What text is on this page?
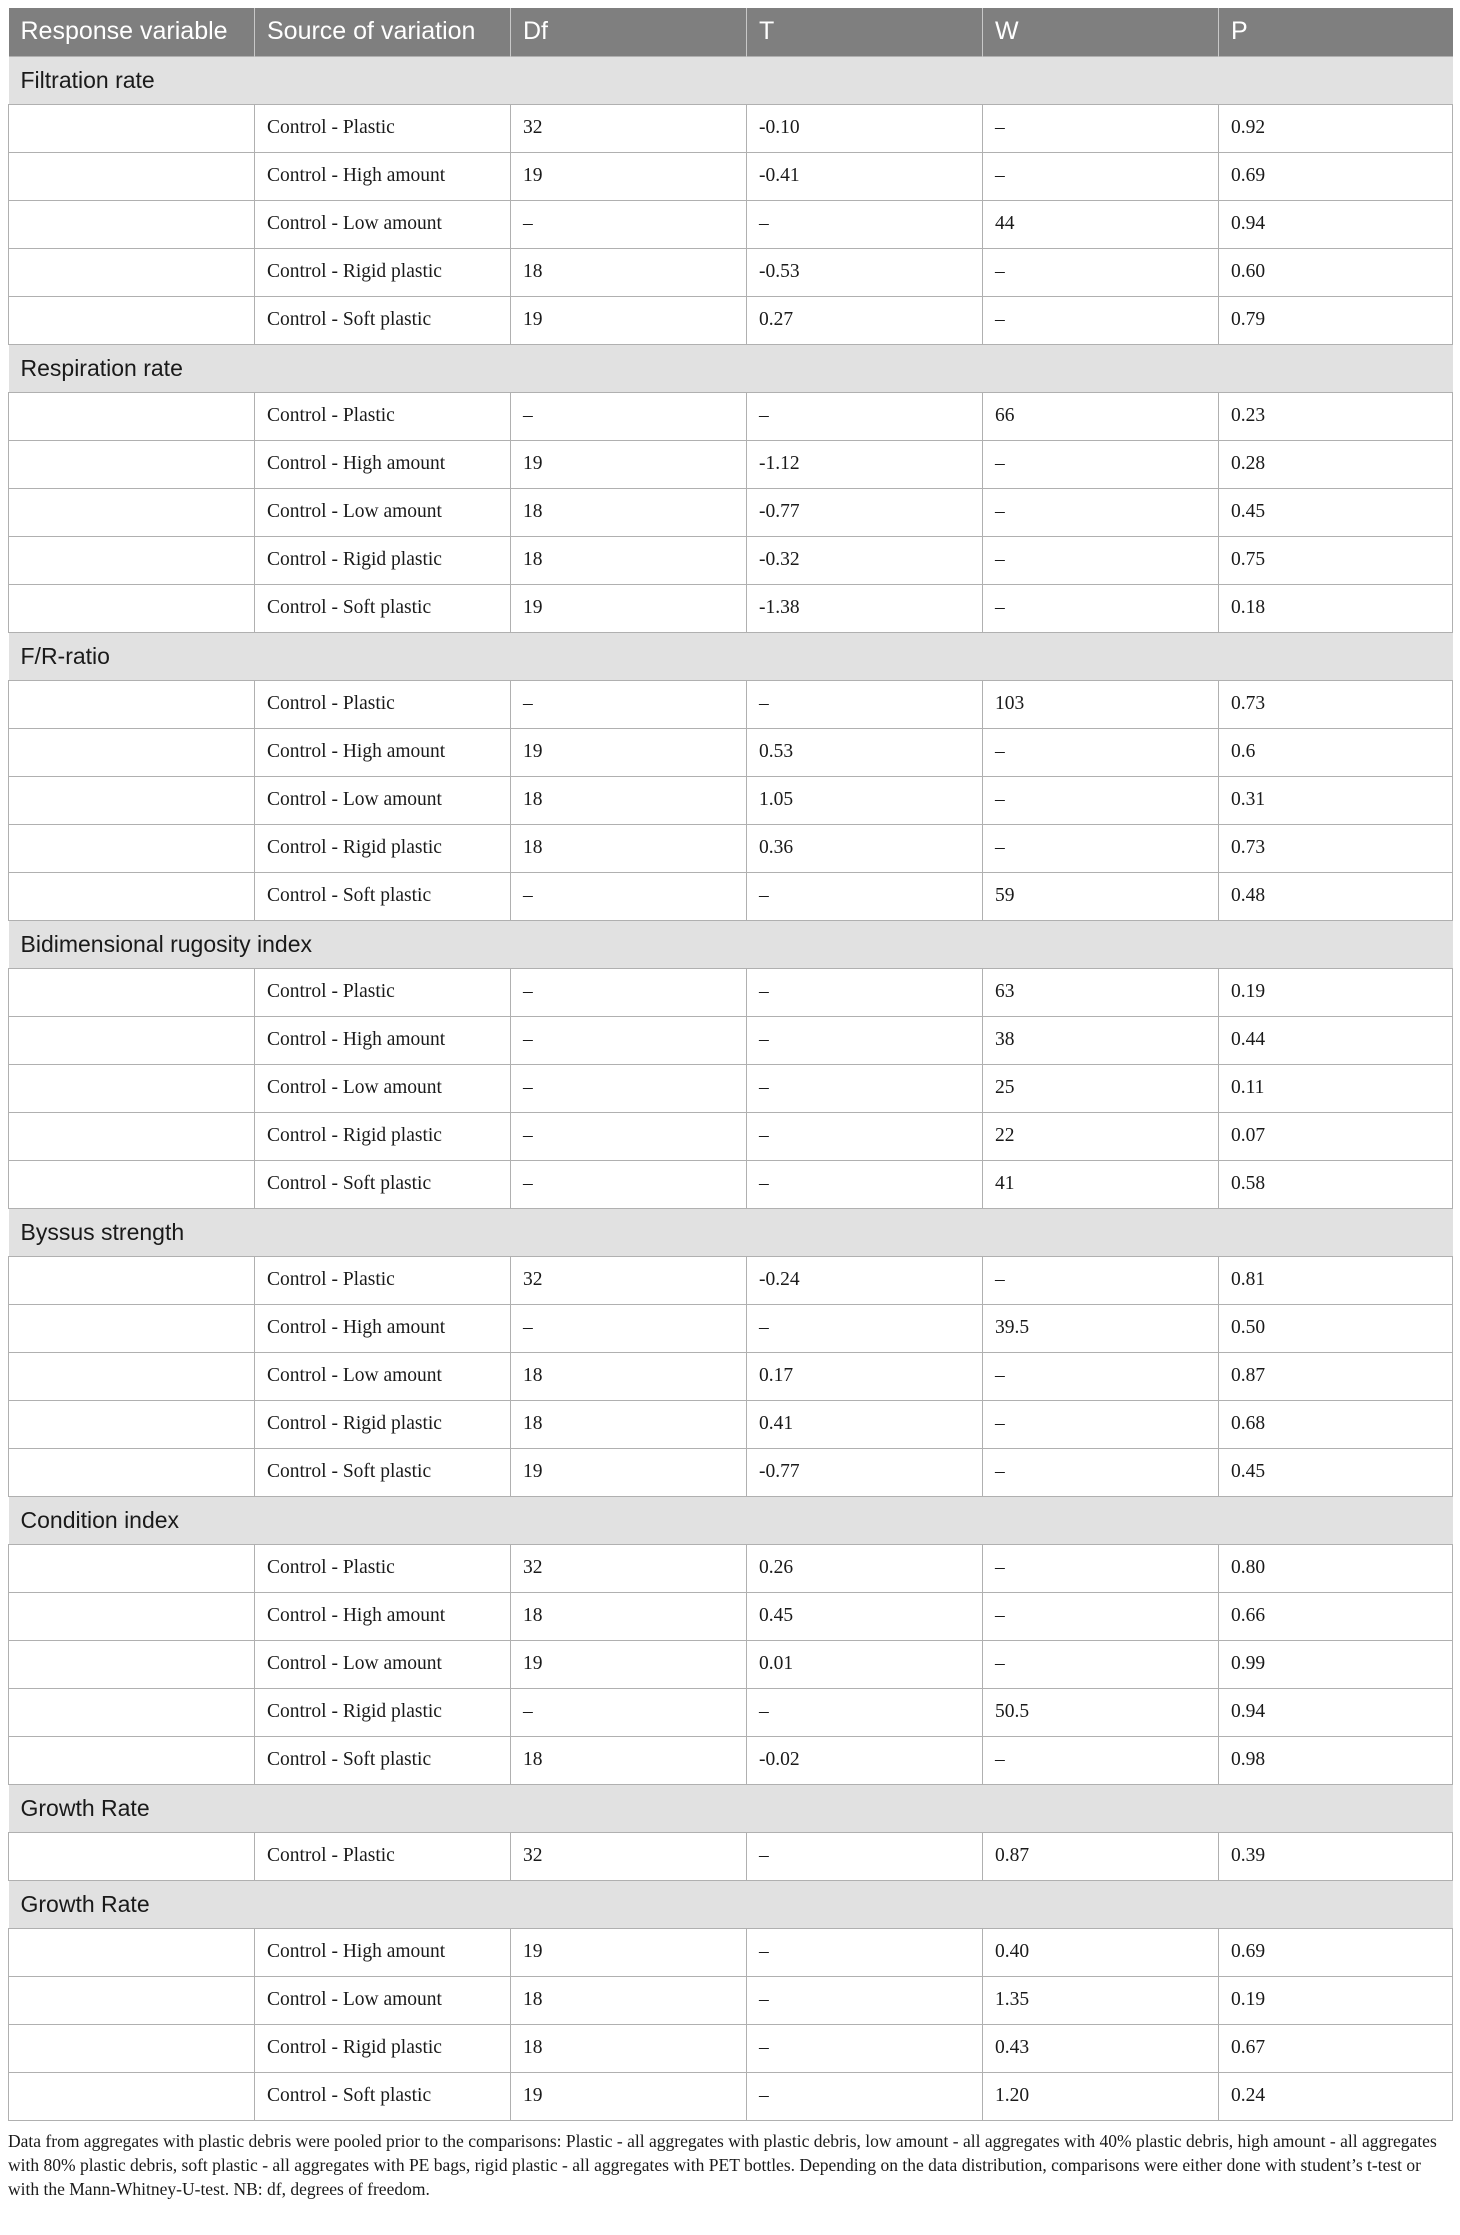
Response variable	Source of variation	Df	T	W	P
Filtration rate					
	Control - Plastic	32	-0.10	–	0.92
	Control - High amount	19	-0.41	–	0.69
	Control - Low amount	–	–	44	0.94
	Control - Rigid plastic	18	-0.53	–	0.60
	Control - Soft plastic	19	0.27	–	0.79
Respiration rate					
	Control - Plastic	–	–	66	0.23
	Control - High amount	19	-1.12	–	0.28
	Control - Low amount	18	-0.77	–	0.45
	Control - Rigid plastic	18	-0.32	–	0.75
	Control - Soft plastic	19	-1.38	–	0.18
F/R-ratio					
	Control - Plastic	–	–	103	0.73
	Control - High amount	19	0.53	–	0.6
	Control - Low amount	18	1.05	–	0.31
	Control - Rigid plastic	18	0.36	–	0.73
	Control - Soft plastic	–	–	59	0.48
Bidimensional rugosity index					
	Control - Plastic	–	–	63	0.19
	Control - High amount	–	–	38	0.44
	Control - Low amount	–	–	25	0.11
	Control - Rigid plastic	–	–	22	0.07
	Control - Soft plastic	–	–	41	0.58
Byssus strength					
	Control - Plastic	32	-0.24	–	0.81
	Control - High amount	–	–	39.5	0.50
	Control - Low amount	18	0.17	–	0.87
	Control - Rigid plastic	18	0.41	–	0.68
	Control - Soft plastic	19	-0.77	–	0.45
Condition index					
	Control - Plastic	32	0.26	–	0.80
	Control - High amount	18	0.45	–	0.66
	Control - Low amount	19	0.01	–	0.99
	Control - Rigid plastic	–	–	50.5	0.94
	Control - Soft plastic	18	-0.02	–	0.98
Growth Rate					
	Control - Plastic	32	–	0.87	0.39
Growth Rate					
	Control - High amount	19	–	0.40	0.69
	Control - Low amount	18	–	1.35	0.19
	Control - Rigid plastic	18	–	0.43	0.67
	Control - Soft plastic	19	–	1.20	0.24
Data from aggregates with plastic debris were pooled prior to the comparisons: Plastic - all aggregates with plastic debris, low amount - all aggregates with 40% plastic debris, high amount - all aggregates with 80% plastic debris, soft plastic - all aggregates with PE bags, rigid plastic - all aggregates with PET bottles. Depending on the data distribution, comparisons were either done with student’s t-test or with the Mann-Whitney-U-test. NB: df, degrees of freedom.
